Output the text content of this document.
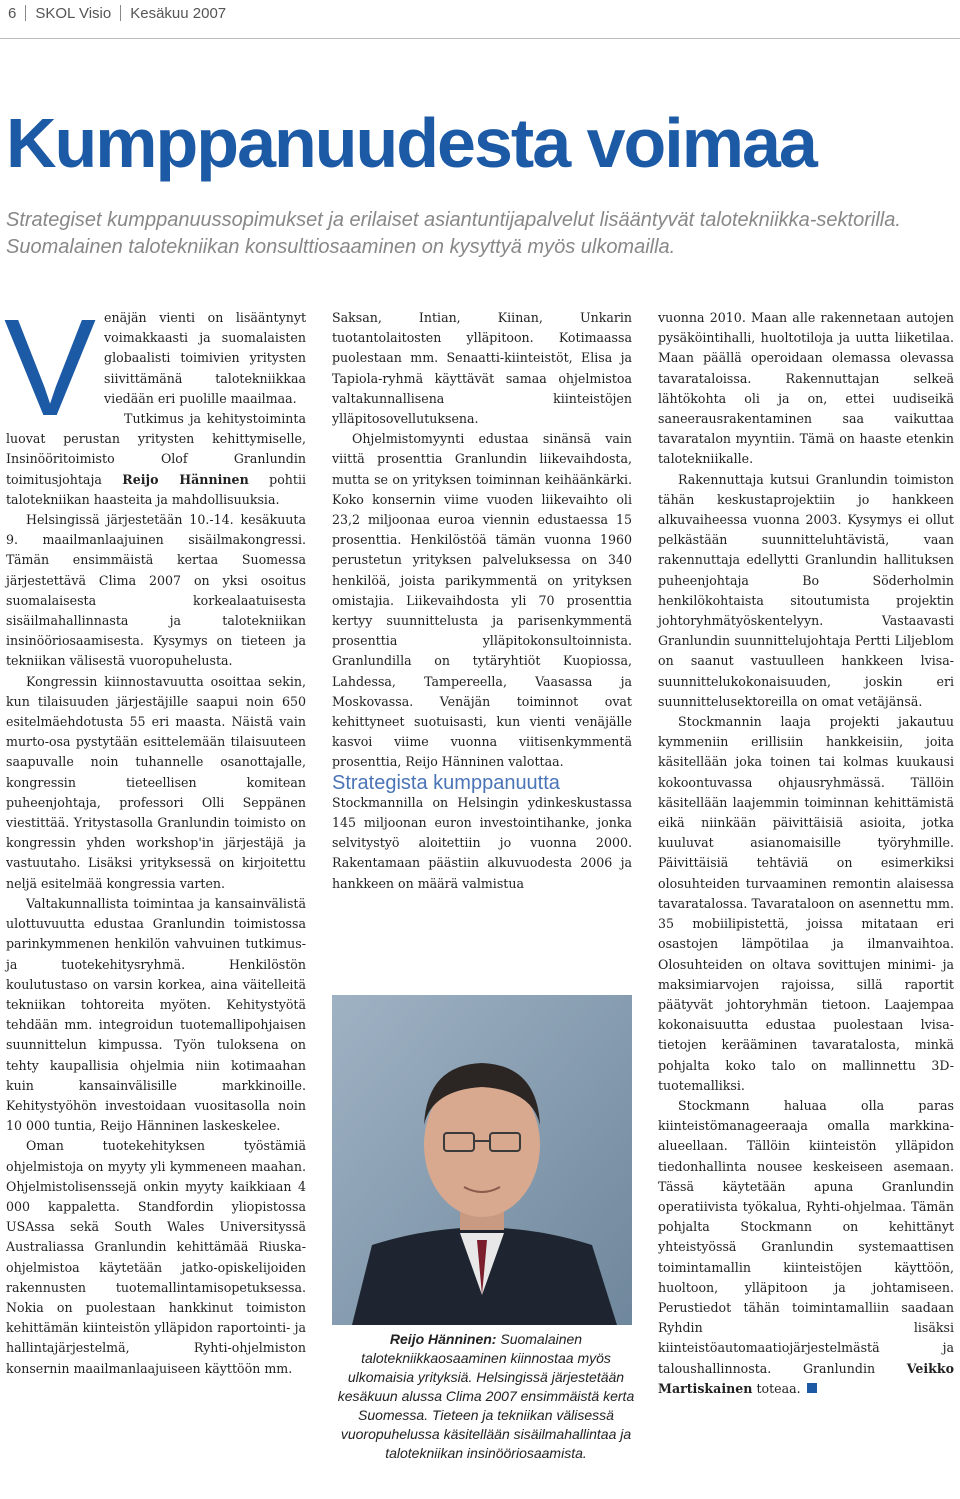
6 SKOL Visio Kesäkuu 2007
Kumppanuudesta voimaa
Strategiset kumppanuussopimukset ja erilaiset asiantuntijapalvelut lisääntyvät talotekniikka-sektorilla. Suomalainen talotekniikan konsulttiosaaminen on kysyttyä myös ulkomailla.

Venäjän vienti on lisääntynyt voimakkaasti ja suomalaisten globaalisti toimivien yritysten siivittämänä talotekniikkaa viedään eri puolille maailmaa.

Tutkimus ja kehitystoiminta luovat perustan yritysten kehittymiselle, Insinööritoimisto Olof Granlundin toimitusjohtaja Reijo Hänninen pohtii talotekniikan haasteita ja mahdollisuuksia.

Helsingissä järjestetään 10.-14. kesäkuuta 9. maailmanlaajuinen sisäilmakongressi. Tämän ensimmäistä kertaa Suomessa järjestettävä Clima 2007 on yksi osoitus suomalaisesta korkealaatuisesta sisäilmahallinnasta ja talotekniikan insinööriosaamisesta. Kysymys on tieteen ja tekniikan välisestä vuoropuhelusta.

Kongressin kiinnostavuutta osoittaa sekin, kun tilaisuuden järjestäjille saapui noin 650 esitelmäehdotusta 55 eri maasta. Näistä vain murto-osa pystytään esittelemään tilaisuuteen saapuvalle noin tuhannelle osanottajalle, kongressin tieteellisen komitean puheenjohtaja, professori Olli Seppänen viestittää. Yritystasolla Granlundin toimisto on kongressin yhden workshop'in järjestäjä ja vastuutaho. Lisäksi yrityksessä on kirjoitettu neljä esitelmää kongressia varten.

Valtakunnallista toimintaa ja kansainvälistä ulottuvuutta edustaa Granlundin toimistossa parinkymmenen henkilön vahvuinen tutkimus- ja tuotekehitysryhmä. Henkilöstön koulutustaso on varsin korkea, aina väitelleitä tekniikan tohtoreita myöten. Kehitystyötä tehdään mm. integroidun tuotemallipohjaisen suunnittelun kimpussa. Työn tuloksena on tehty kaupallisia ohjelmia niin kotimaahan kuin kansainvälisille markkinoille. Kehitystyöhön investoidaan vuositasolla noin 10 000 tuntia, Reijo Hänninen laskeskelee.

Oman tuotekehityksen työstämiä ohjelmistoja on myyty yli kymmeneen maahan. Ohjelmistolisenssejä onkin myyty kaikkiaan 4 000 kappaletta. Standfordin yliopistossa USAssa sekä South Wales Universityssä Australiassa Granlundin kehittämää Riuska-ohjelmistoa käytetään jatko-opiskelijoiden rakennusten tuotemallintamisopetuksessa. Nokia on puolestaan hankkinut toimiston kehittämän kiinteistön ylläpidon raportointi- ja hallintajärjestelmä, Ryhti-ohjelmiston konsernin maailmanlaajuiseen käyttöön mm.

Saksan, Intian, Kiinan, Unkarin tuotantolaitosten ylläpitoon. Kotimaassa puolestaan mm. Senaatti-kiinteistöt, Elisa ja Tapiola-ryhmä käyttävät samaa ohjelmistoa valtakunnallisena kiinteistöjen ylläpitosovellutuksena.

Ohjelmistomyynti edustaa sinänsä vain viittä prosenttia Granlundin liikevaihdosta, mutta se on yrityksen toiminnan keihäänkärki. Koko konsernin viime vuoden liikevaihto oli 23,2 miljoonaa euroa viennin edustaessa 15 prosenttia. Henkilöstöä tämän vuonna 1960 perustetun yrityksen palveluksessa on 340 henkilöä, joista parikymmentä on yrityksen omistajia. Liikevaihdosta yli 70 prosenttia kertyy suunnittelusta ja parisenkymmentä prosenttia ylläpitokonsultoinnista. Granlundilla on tytäryhtiöt Kuopiossa, Lahdessa, Tampereella, Vaasassa ja Moskovassa. Venäjän toiminnot ovat kehittyneet suotuisasti, kun vienti venäjälle kasvoi viime vuonna viitisenkymmentä prosenttia, Reijo Hänninen valottaa.

Strategista kumppanuutta

Stockmannilla on Helsingin ydinkeskustassa 145 miljoonan euron investointihanke, jonka selvitystyö aloitettiin jo vuonna 2000. Rakentamaan päästiin alkuvuodesta 2006 ja hankkeen on määrä valmistua

Reijo Hänninen: Suomalainen talotekniikkaosaaminen kiinnostaa myös ulkomaisia yrityksiä. Helsingissä järjestetään kesäkuun alussa Clima 2007 ensimmäistä kerta Suomessa. Tieteen ja tekniikan välisessä vuoropuhelussa käsitellään sisäilmahallintaa ja talotekniikan insinööriosaamista.

vuonna 2010. Maan alle rakennetaan autojen pysäköintihalli, huoltotiloja ja uutta liiketilaa. Maan päällä operoidaan olemassa olevassa tavarataloissa. Rakennuttajan selkeä lähtökohta oli ja on, ettei uudiseikä saneerausrakentaminen saa vaikuttaa tavaratalon myyntiin. Tämä on haaste etenkin talotekniikalle.

Rakennuttaja kutsui Granlundin toimiston tähän keskustaprojektiin jo hankkeen alkuvaiheessa vuonna 2003. Kysymys ei ollut pelkästään suunnitteluhtävistä, vaan rakennuttaja edellytti Granlundin hallituksen puheenjohtaja Bo Söderholmin henkilökohtaista sitoutumista projektin johtoryhmätyöskentelyyn. Vastaavasti Granlundin suunnittelujohtaja Pertti Liljeblom on saanut vastuulleen hankkeen lvisa-suunnittelukokonaisuuden, joskin eri suunnittelusektoreilla on omat vetäjänsä.

Stockmannin laaja projekti jakautuu kymmeniin erillisiin hankkeisiin, joita käsitellään joka toinen tai kolmas kuukausi kokoontuvassa ohjausryhmässä. Tällöin käsitellään laajemmin toiminnan kehittämistä eikä niinkään päivittäisiä asioita, jotka kuuluvat asianomaisille työryhmille. Päivittäisiä tehtäviä on esimerkiksi olosuhteiden turvaaminen remontin alaisessa tavaratalossa. Tavarataloon on asennettu mm. 35 mobiilipistettä, joissa mitataan eri osastojen lämpötilaa ja ilmanvaihtoa. Olosuhteiden on oltava sovittujen minimi- ja maksimiarvojen rajoissa, sillä raportit päätyvät johtoryhmän tietoon. Laajempaa kokonaisuutta edustaa puolestaan lvisa-tietojen kerääminen tavaratalosta, minkä pohjalta koko talo on mallinnettu 3D-tuotemalliksi.

Stockmann haluaa olla paras kiinteistömanageeraaja omalla markkina-alueellaan. Tällöin kiinteistön ylläpidon tiedonhallinta nousee keskeiseen asemaan. Tässä käytetään apuna Granlundin operatiivista työkalua, Ryhti-ohjelmaa. Tämän pohjalta Stockmann on kehittänyt yhteistyössä Granlundin systemaattisen toimintamallin kiinteistöjen käyttöön, huoltoon, ylläpitoon ja johtamiseen. Perustiedot tähän toimintamalliin saadaan Ryhdin lisäksi kiinteistöautomaatiojärjestelmästä ja taloushallinnosta. Granlundin Veikko Martiskainen toteaa.
